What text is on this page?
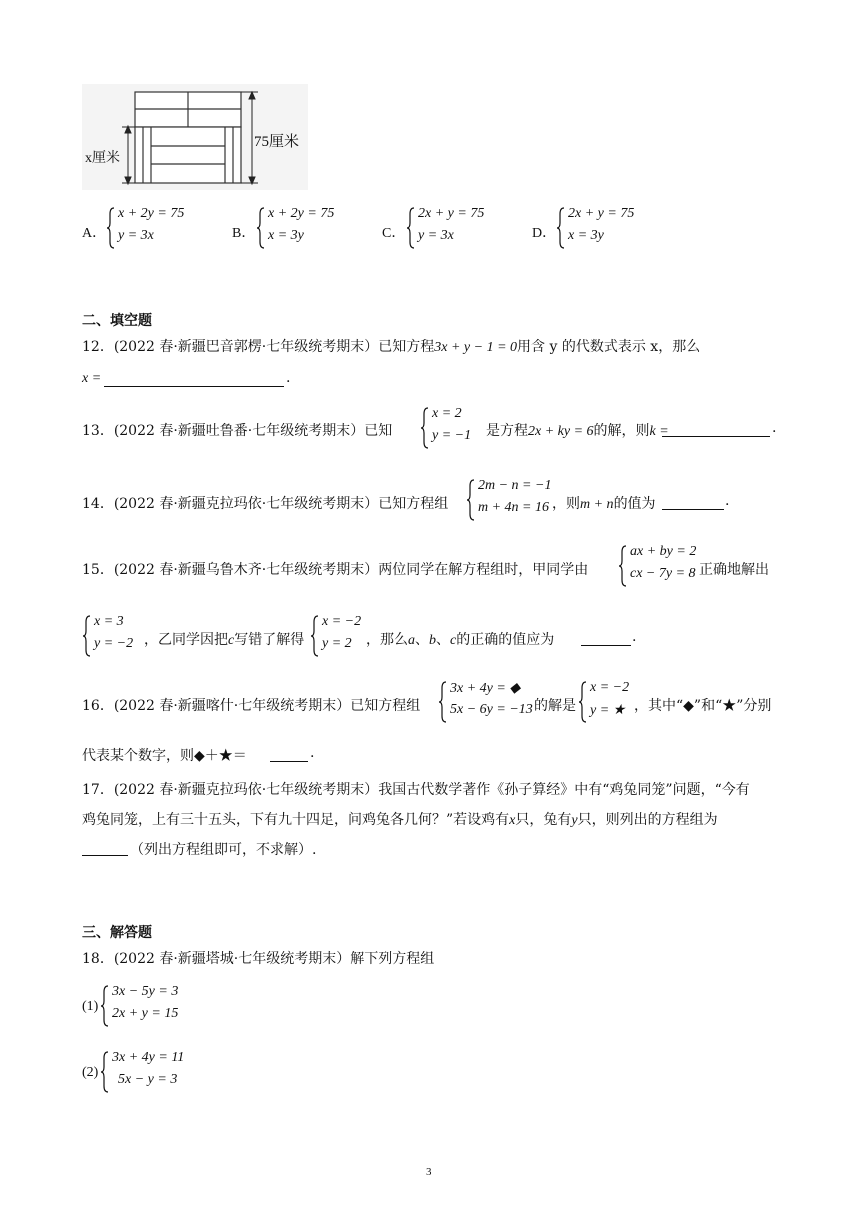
x厘米
75厘米
A．
x + 2y = 75
y = 3x	B．
x + 2y = 75
x = 3y	C．
2x + y = 75
y = 3x	D．
2x + y = 75
x = 3y
二、填空题
12．(2022 春·新疆巴音郭楞·七年级统考期末）已知方程3x + y − 1 = 0用含 y 的代数式表示 x，那么
x =	.
13．(2022 春·新疆吐鲁番·七年级统考期末）已知
x = 2
y = −1 是方程2x + ky = 6的解，则k =	.
14．(2022 春·新疆克拉玛依·七年级统考期末）已知方程组
2m − n = −1
m + 4n = 16 ，则m + n的值为	.
15．(2022 春·新疆乌鲁木齐·七年级统考期末）两位同学在解方程组时，甲同学由
ax + by = 2
cx − 7y = 8 正确地解出
x = 3
y = −2 ，乙同学因把c写错了解得
x = −2
y = 2 ，那么a、b、c的正确的值应为	.
16．(2022 春·新疆喀什·七年级统考期末）已知方程组
3x + 4y = ◆
5x − 6y = −13 的解是
x = −2
y = ★ ，其中“◆”和“★”分别
代表某个数字，则◆＋★＝	.
17．(2022 春·新疆克拉玛依·七年级统考期末）我国古代数学著作《孙子算经》中有“鸡兔同笼”问题，“今有
鸡兔同笼，上有三十五头，下有九十四足，问鸡兔各几何？”若设鸡有x只，兔有y只，则列出的方程组为
（列出方程组即可，不求解）.
三、解答题
18．(2022 春·新疆塔城·七年级统考期末）解下列方程组
(1)
3x − 5y = 3
2x + y = 15
(2)
3x + 4y = 11
5x − y = 3
3
